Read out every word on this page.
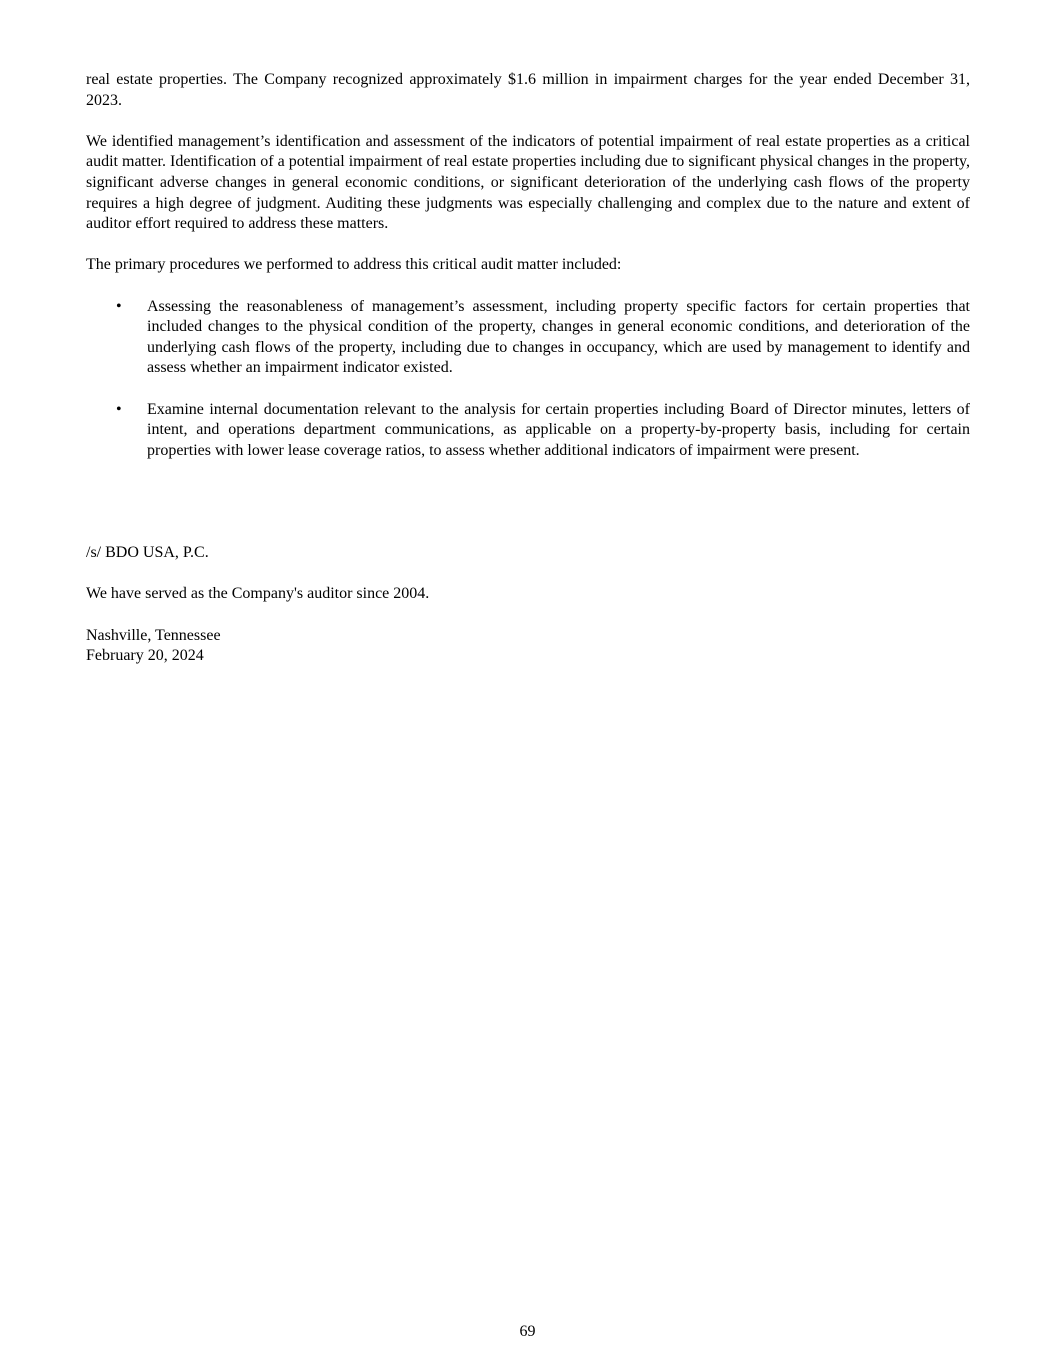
real estate properties. The Company recognized approximately $1.6 million in impairment charges for the year ended December 31, 2023.

We identified management’s identification and assessment of the indicators of potential impairment of real estate properties as a critical audit matter. Identification of a potential impairment of real estate properties including due to significant physical changes in the property, significant adverse changes in general economic conditions, or significant deterioration of the underlying cash flows of the property requires a high degree of judgment. Auditing these judgments was especially challenging and complex due to the nature and extent of auditor effort required to address these matters.

The primary procedures we performed to address this critical audit matter included:

• Assessing the reasonableness of management’s assessment, including property specific factors for certain properties that included changes to the physical condition of the property, changes in general economic conditions, and deterioration of the underlying cash flows of the property, including due to changes in occupancy, which are used by management to identify and assess whether an impairment indicator existed.
• Examine internal documentation relevant to the analysis for certain properties including Board of Director minutes, letters of intent, and operations department communications, as applicable on a property-by-property basis, including for certain properties with lower lease coverage ratios, to assess whether additional indicators of impairment were present.

/s/ BDO USA, P.C.

We have served as the Company's auditor since 2004.

Nashville, Tennessee

February 20, 2024

69
